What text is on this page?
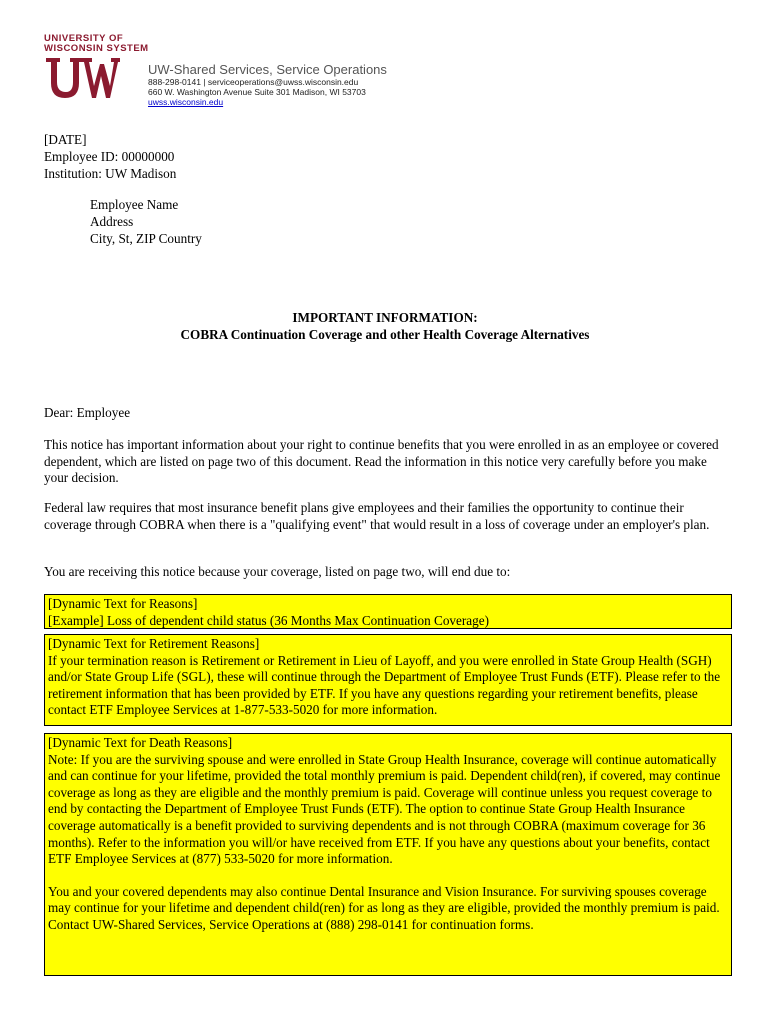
UNIVERSITY OF
WISCONSIN SYSTEM
UW-Shared Services, Service Operations
888-298-0141 | serviceoperations@uwss.wisconsin.edu
660 W. Washington Avenue Suite 301 Madison, WI 53703
uwss.wisconsin.edu
[DATE]
Employee ID: 00000000
Institution: UW Madison
Employee Name
Address
City, St, ZIP Country
IMPORTANT INFORMATION:
COBRA Continuation Coverage and other Health Coverage Alternatives
Dear: Employee
This notice has important information about your right to continue benefits that you were enrolled in as an employee or covered dependent, which are listed on page two of this document. Read the information in this notice very carefully before you make your decision.
Federal law requires that most insurance benefit plans give employees and their families the opportunity to continue their coverage through COBRA when there is a "qualifying event" that would result in a loss of coverage under an employer's plan.
You are receiving this notice because your coverage, listed on page two, will end due to:

[Dynamic Text for Reasons]

[Example] Loss of dependent child status (36 Months Max Continuation Coverage)

[Dynamic Text for Retirement Reasons]

If your termination reason is Retirement or Retirement in Lieu of Layoff, and you were enrolled in State Group Health (SGH) and/or State Group Life (SGL), these will continue through the Department of Employee Trust Funds (ETF). Please refer to the retirement information that has been provided by ETF. If you have any questions regarding your retirement benefits, please contact ETF Employee Services at 1-877-533-5020 for more information.

[Dynamic Text for Death Reasons]

Note: If you are the surviving spouse and were enrolled in State Group Health Insurance, coverage will continue automatically and can continue for your lifetime, provided the total monthly premium is paid. Dependent child(ren), if covered, may continue coverage as long as they are eligible and the monthly premium is paid. Coverage will continue unless you request coverage to end by contacting the Department of Employee Trust Funds (ETF). The option to continue State Group Health Insurance coverage automatically is a benefit provided to surviving dependents and is not through COBRA (maximum coverage for 36 months). Refer to the information you will/or have received from ETF. If you have any questions about your benefits, contact ETF Employee Services at (877) 533-5020 for more information.

You and your covered dependents may also continue Dental Insurance and Vision Insurance. For surviving spouses coverage may continue for your lifetime and dependent child(ren) for as long as they are eligible, provided the monthly premium is paid. Contact UW-Shared Services, Service Operations at (888) 298-0141 for continuation forms.
